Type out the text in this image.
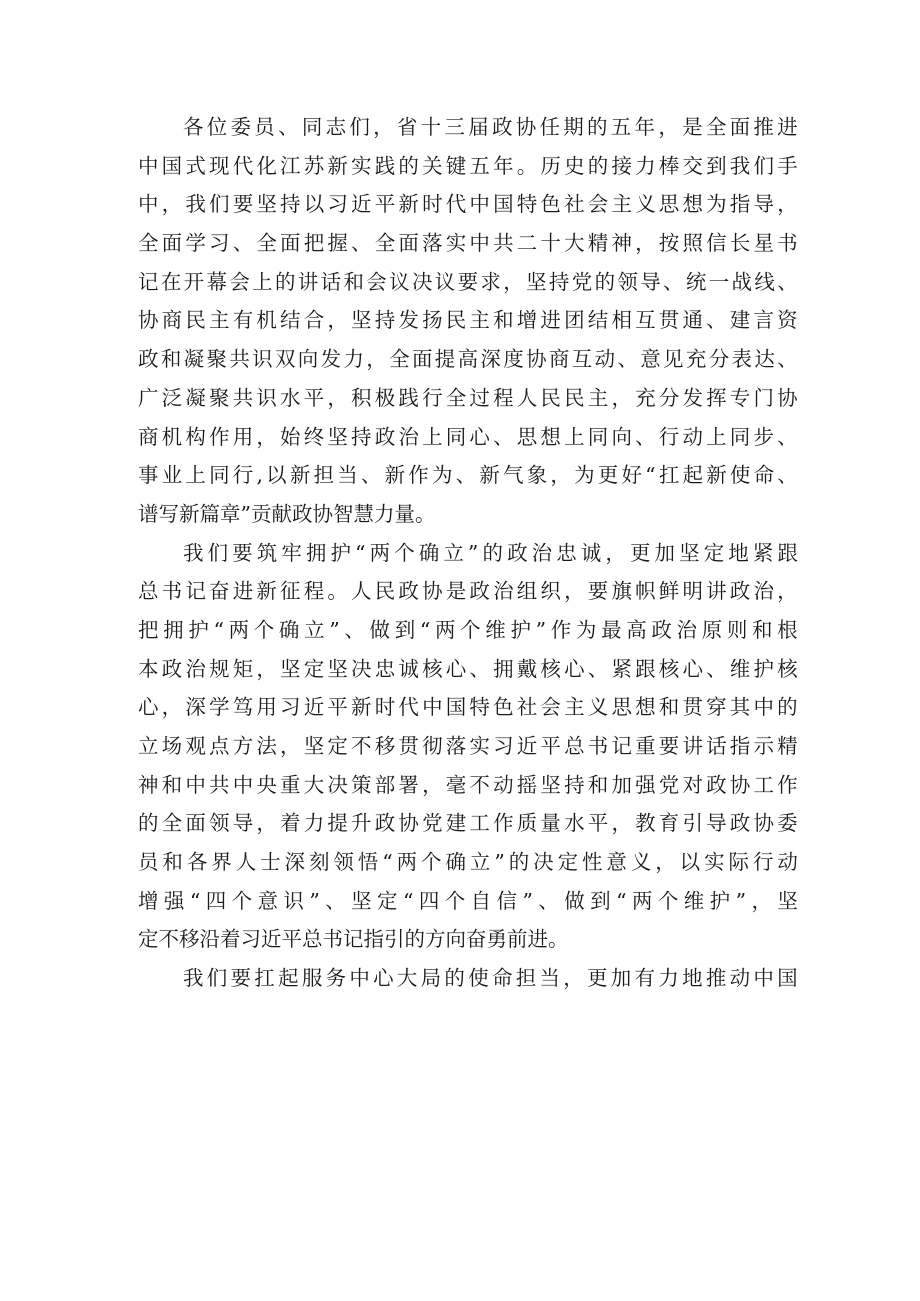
各 位 委 员 、 同 志 们 ， 省 十 三 届 政 协 任 期 的 五 年 ， 是 全 面 推 进
中 国 式 现 代 化 江 苏 新 实 践 的 关 键 五 年 。 历 史 的 接 力 棒 交 到 我 们 手
中 ， 我 们 要 坚 持 以 习 近 平 新 时 代 中 国 特 色 社 会 主 义 思 想 为 指 导 ，
全 面 学 习 、 全 面 把 握 、 全 面 落 实 中 共 二 十 大 精 神 ， 按 照 信 长 星 书
记 在 开 幕 会 上 的 讲 话 和 会 议 决 议 要 求 ， 坚 持 党 的 领 导 、 统 一 战 线 、
协 商 民 主 有 机 结 合 ， 坚 持 发 扬 民 主 和 增 进 团 结 相 互 贯 通 、 建 言 资
政 和 凝 聚 共 识 双 向 发 力 ， 全 面 提 高 深 度 协 商 互 动 、 意 见 充 分 表 达 、
广 泛 凝 聚 共 识 水 平 ， 积 极 践 行 全 过 程 人 民 民 主 ， 充 分 发 挥 专 门 协
商 机 构 作 用 ， 始 终 坚 持 政 治 上 同 心 、 思 想 上 同 向 、 行 动 上 同 步 、
事 业 上 同 行 , 以 新 担 当 、 新 作 为 、 新 气 象 ， 为 更 好 “ 扛 起 新 使 命 、
谱写新篇章”贡献政协智慧力量。
我 们 要 筑 牢 拥 护 “ 两 个 确 立 ” 的 政 治 忠 诚 ， 更 加 坚 定 地 紧 跟
总 书 记 奋 进 新 征 程 。 人 民 政 协 是 政 治 组 织 ， 要 旗 帜 鲜 明 讲 政 治 ，
把 拥 护 “ 两 个 确 立 ” 、 做 到 “ 两 个 维 护 ” 作 为 最 高 政 治 原 则 和 根
本 政 治 规 矩 ， 坚 定 坚 决 忠 诚 核 心 、 拥 戴 核 心 、 紧 跟 核 心 、 维 护 核
心 ， 深 学 笃 用 习 近 平 新 时 代 中 国 特 色 社 会 主 义 思 想 和 贯 穿 其 中 的
立 场 观 点 方 法 ， 坚 定 不 移 贯 彻 落 实 习 近 平 总 书 记 重 要 讲 话 指 示 精
神 和 中 共 中 央 重 大 决 策 部 署 ， 毫 不 动 摇 坚 持 和 加 强 党 对 政 协 工 作
的 全 面 领 导 ， 着 力 提 升 政 协 党 建 工 作 质 量 水 平 ， 教 育 引 导 政 协 委
员 和 各 界 人 士 深 刻 领 悟 “ 两 个 确 立 ” 的 决 定 性 意 义 ， 以 实 际 行 动
增 强 “ 四 个 意 识 ” 、 坚 定 “ 四 个 自 信 ” 、 做 到 “ 两 个 维 护 ” ， 坚
定不移沿着习近平总书记指引的方向奋勇前进。
我 们 要 扛 起 服 务 中 心 大 局 的 使 命 担 当 ， 更 加 有 力 地 推 动 中 国
